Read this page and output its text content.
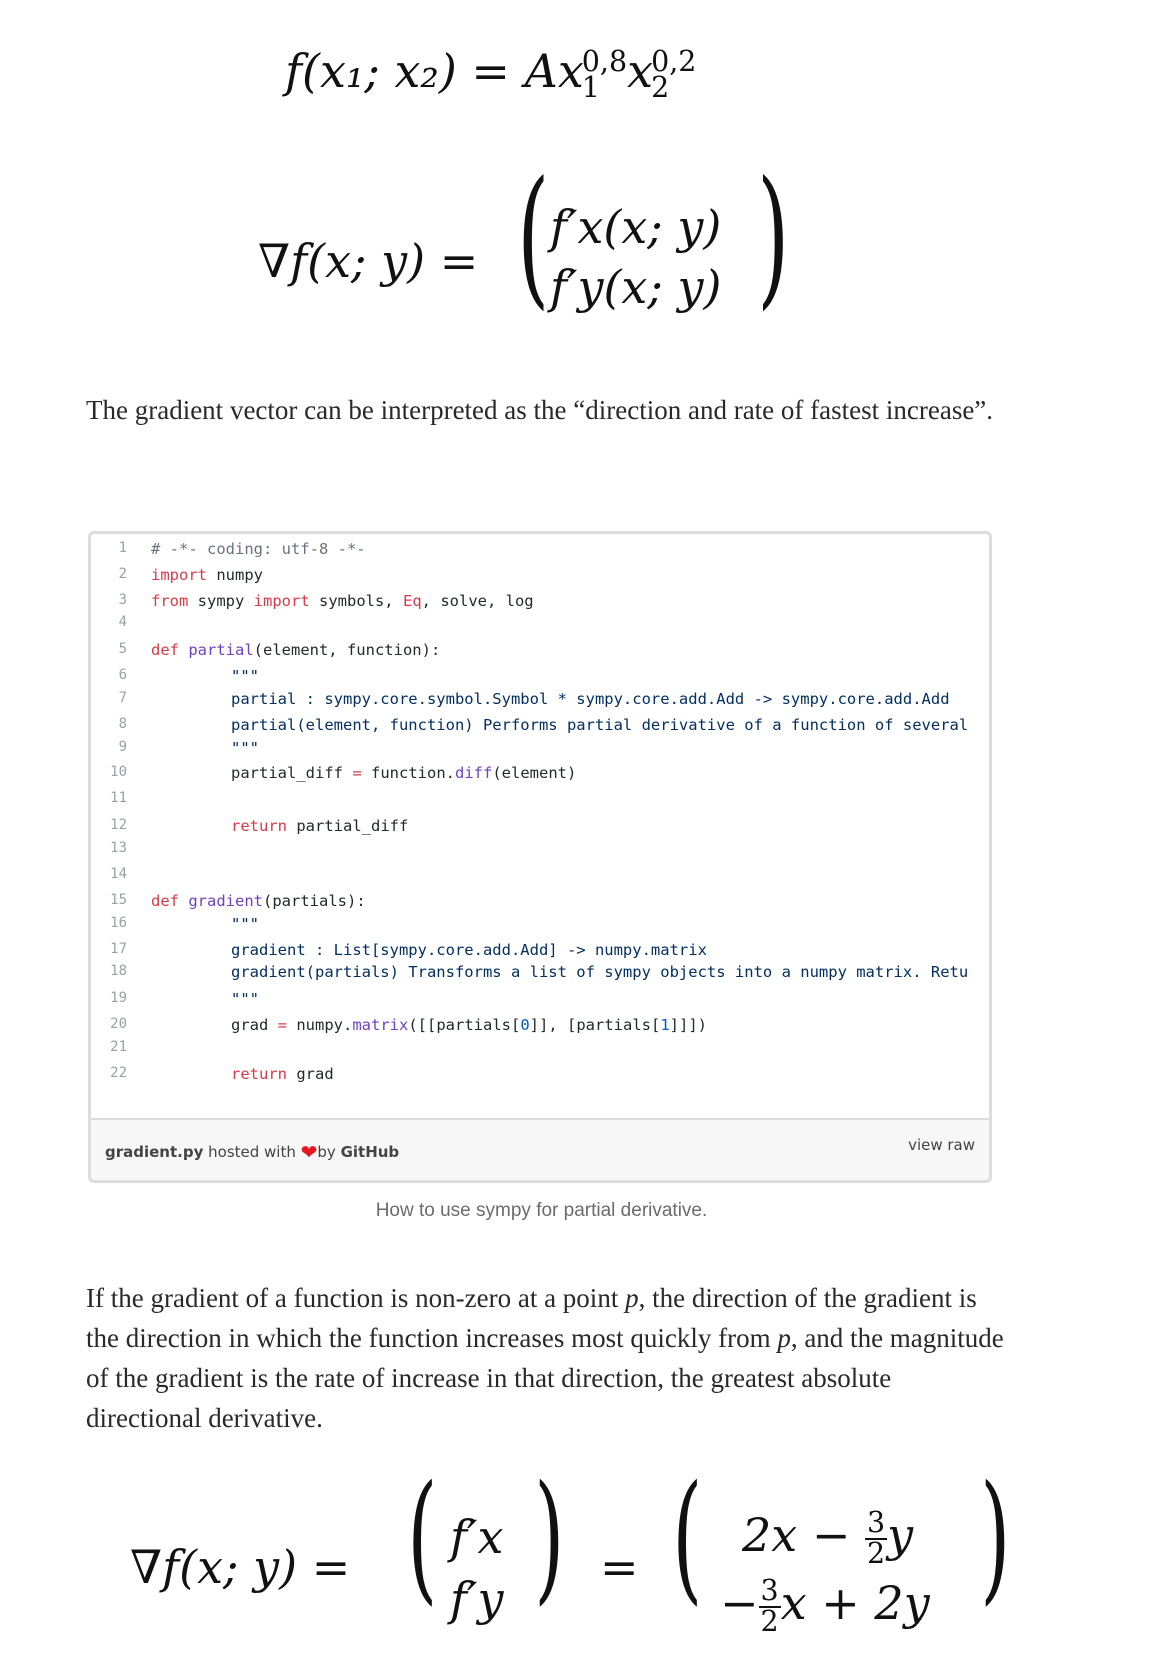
f(x₁; x₂) = Ax
0,8
1 x
0,2
2
∇f(x; y) = ( f′x(x; y)
f′y(x; y) )

The gradient vector can be interpreted as the “direction and rate of fastest increase”.

1 # -*- coding: utf-8 -*-
2 import numpy
3 from sympy import symbols, Eq, solve, log
4
5 def partial(element, function):
6	"""
7	partial : sympy.core.symbol.Symbol * sympy.core.add.Add -> sympy.core.add.Add
8	partial(element, function) Performs partial derivative of a function of several
9	"""
10	partial_diff = function.diff(element)
11
12	return partial_diff
13
14
15 def gradient(partials):
16	"""
17	gradient : List[sympy.core.add.Add] -> numpy.matrix
18	gradient(partials) Transforms a list of sympy objects into a numpy matrix. Retu
19	"""
20	grad = numpy.matrix([[partials[0]], [partials[1]]])
21
22	return grad
gradient.py hosted with ❤by GitHub	view raw
How to use sympy for partial derivative.

If the gradient of a function is non-zero at a point p, the direction of the gradient is the direction in which the function increases most quickly from p, and the magnitude of the gradient is the rate of increase in that direction, the greatest absolute directional derivative.

∇f(x; y) = ( f′x
f′y ) = ( $2x - \frac{3}{2}$ y
− $\frac{3}{2}$ x + 2y )
